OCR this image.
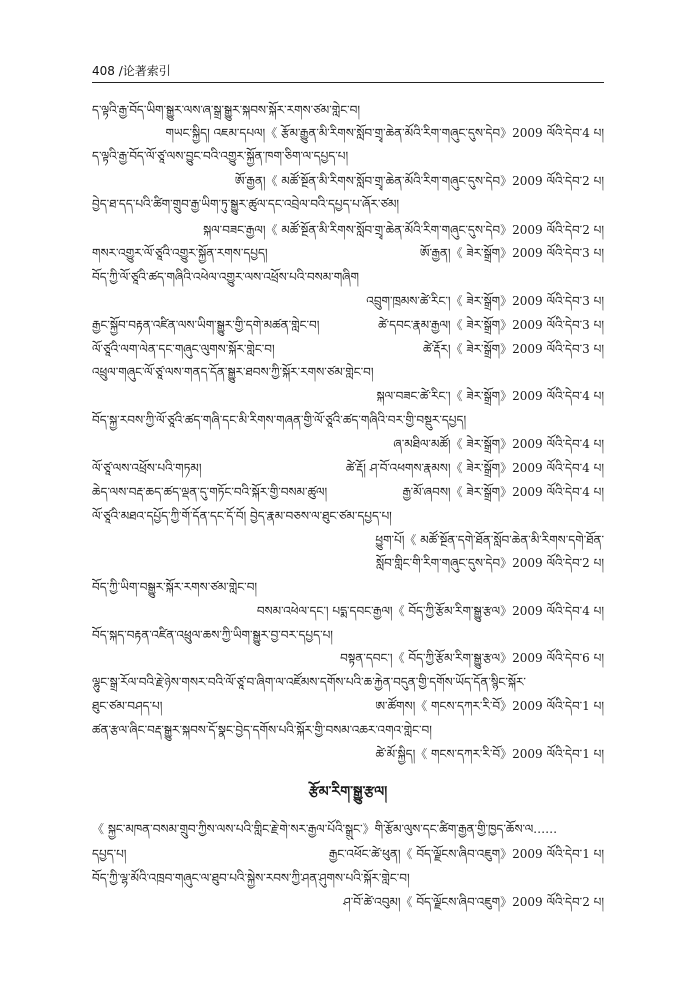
408 /论著索引
ད་ལྟའི་རྒྱ་བོད་ཡིག་སྒྱུར་ལས་ཞ་སྒྲ་སྒྱུར་སྐབས་སྐོར་རགས་ཙམ་གླེང་བ།
གཡང་སྐྱིད། འཇམ་དཔལ།《 རྩོམ་རྒྱུན་མི་རིགས་སློབ་གྲྭ་ཆེན་མོའི་རིག་གཞུང་དུས་དེབ》2009 ལོའི་དེབ་4 པ།
ད་ལྟའི་རྒྱ་བོད་ལོ་ཙཱ་ལས་བྱུང་བའི་འགྱུར་སྐྱོན་ཁག་ཅིག་ལ་དཔྱད་པ།
ཨོ་རྒྱན།《 མཚོ་སྔོན་མི་རིགས་སློབ་གྲྭ་ཆེན་མོའི་རིག་གཞུང་དུས་དེབ》2009 ལོའི་དེབ་2 པ།
བྱེད་ཐ་དད་པའི་ཚིག་གྲུབ་རྒྱ་ཡིག་ཏུ་སྒྱུར་ཚུལ་དང་འབྲེལ་བའི་དཔྱད་པ་ཞོར་ཙམ།
སྐལ་བཟང་རྒྱལ།《 མཚོ་སྔོན་མི་རིགས་སློབ་གྲྭ་ཆེན་མོའི་རིག་གཞུང་དུས་དེབ》2009 ལོའི་དེབ་2 པ།
གསར་འགྱུར་ལོ་ཙཱའི་འགྱུར་སྐྱོན་རགས་དཔྱད།	ཨོ་རྒྱན།《 ཟེར་སྒྲོག》2009 ལོའི་དེབ་3 པ།
བོད་ཀྱི་ལོ་ཙཱའི་ཚད་གཞིའི་འཕེལ་འགྱུར་ལས་འཕྲོས་པའི་བསམ་གཞིག
འབྲུག་ཁྲམས་ཚེ་རིང་།《 ཟེར་སྒྲོག》2009 ལོའི་དེབ་3 པ།
རྒྱང་སྐྱོབ་བརྟན་འཛིན་ལས་ཡིག་སྒྱུར་གྱི་དགེ་མཚན་གླེང་བ།	ཚེ་དབང་རྣམ་རྒྱལ།《 ཟེར་སྒྲོག》2009 ལོའི་དེབ་3 པ།
ལོ་ཙཱའི་ལག་ལེན་དང་གཞུང་ལུགས་སྐོར་གླེང་བ།	ཚེ་རྡོར།《 ཟེར་སྒྲོག》2009 ལོའི་དེབ་3 པ།
འཕྲུལ་གཞུང་ལོ་ཙཱ་ལས་གནད་དོན་སྒྱུར་ཐབས་ཀྱི་སྐོར་རགས་ཙམ་གླེང་བ།
སྐལ་བཟང་ཚེ་རིང་།《 ཟེར་སྒྲོག》2009 ལོའི་དེབ་4 པ།
བོད་སྐྱ་རབས་ཀྱི་ལོ་ཙཱའི་ཚད་གཞི་དང་མི་རིགས་གཞན་གྱི་ལོ་ཙཱའི་ཚད་གཞིའི་བར་གྱི་བསྡུར་དཔྱད།
ཞ་མཐིལ་མཚོ།《 ཟེར་སྒྲོག》2009 ལོའི་དེབ་4 པ།
ལོ་ཙཱ་ལས་འཕྲོས་པའི་གཏམ།	ཚེ་རྡོ། ཤ་བོ་འཕགས་རྣམས།《 ཟེར་སྒྲོག》2009 ལོའི་དེབ་4 པ།
ཆེད་ལས་བརྡ་ཆད་ཚད་ལྡན་དུ་གཏོང་བའི་སྐོར་གྱི་བསམ་ཚུལ།	རྒྱ་མོ་ཞབས།《 ཟེར་སྒྲོག》2009 ལོའི་དེབ་4 པ།
ལོ་ཙཱའི་མཐའ་དཔྱོད་ཀྱི་གོ་དོན་དང་དོ་བོ། བྱེད་རྣམ་བཅས་ལ་ཐུང་ཙམ་དཔྱད་པ།
ཕྱུག་པོ།《 མཚོ་སྔོན་དགེ་ཐོན་སློབ་ཆེན་མི་རིགས་དགེ་ཐོན་
སློབ་གླིང་གི་རིག་གཞུང་དུས་དེབ》2009 ལོའི་དེབ་2 པ།
བོད་ཀྱི་ཡིག་བསྒྱུར་སྐོར་རགས་ཙམ་གླེང་བ།
བསམ་འཕེལ་དང་། པདྨ་དབང་རྒྱལ།《 བོད་ཀྱི་རྩོམ་རིག་སྒྱུ་རྩལ》2009 ལོའི་དེབ་4 པ།
བོད་སྐད་བརྟན་འཛིན་འཕྲུལ་ཆས་ཀྱི་ཡིག་སྒྱུར་བྱ་བར་དཔྱད་པ།
བསྟན་དབང་།《 བོད་ཀྱི་རྩོམ་རིག་སྒྱུ་རྩལ》2009 ལོའི་དེབ་6 པ།
ལྷུང་སྒྲ་རོལ་བའི་རྗེ་ཉེས་གསར་བའི་ལོ་ཙཱ་བ་ཞིག་ལ་འཛོམས་དགོས་པའི་ཆ་རྐྱེན་བདུན་གྱི་དགོས་ཡོད་དོན་སྙིང་སྐོར་
ཐུང་ཙམ་བཤད་པ།	ཨ་ཚོགས།《 གངས་དཀར་རི་བོ》2009 ལོའི་དེབ་1 པ།
ཚན་རྩལ་ཞིང་བརྡ་སྒྱུར་སྐབས་དོ་སྣང་བྱེད་དགོས་པའི་སྐོར་གྱི་བསམ་འཆར་འགའ་གླེང་བ།
ཚེ་མོ་སྐྱིད།《 གངས་དཀར་རི་བོ》2009 ལོའི་དེབ་1 པ།
རྩོམ་རིག་སྒྱུ་རྩལ།
《 སྐྱང་མཁན་བསམ་གྲུབ་ཀྱིས་ལས་པའི་གླིང་རྗེ་གེ་སར་རྒྱལ་པོའི་སྒྲུང་》གི་རྩོམ་ལུས་དང་ཚིག་རྒྱན་གྱི་ཁྱད་ཆོས་ལ……
དཔྱད་པ།	རྒྱང་འཕོང་ཚེ་ཕུན།《 བོད་ལྗོངས་ཞིབ་འཇུག》2009 ལོའི་དེབ་1 པ།
བོད་ཀྱི་ལྷ་མོའི་འཁྲབ་གཞུང་ལ་ཐུབ་པའི་སྐྱེས་རབས་ཀྱི་ཤན་ཤུགས་པའི་སྐོར་གླེང་བ།
ཤ་བོ་ཚེ་འབུམ།《 བོད་ལྗོངས་ཞིབ་འཇུག》2009 ལོའི་དེབ་2 པ།
